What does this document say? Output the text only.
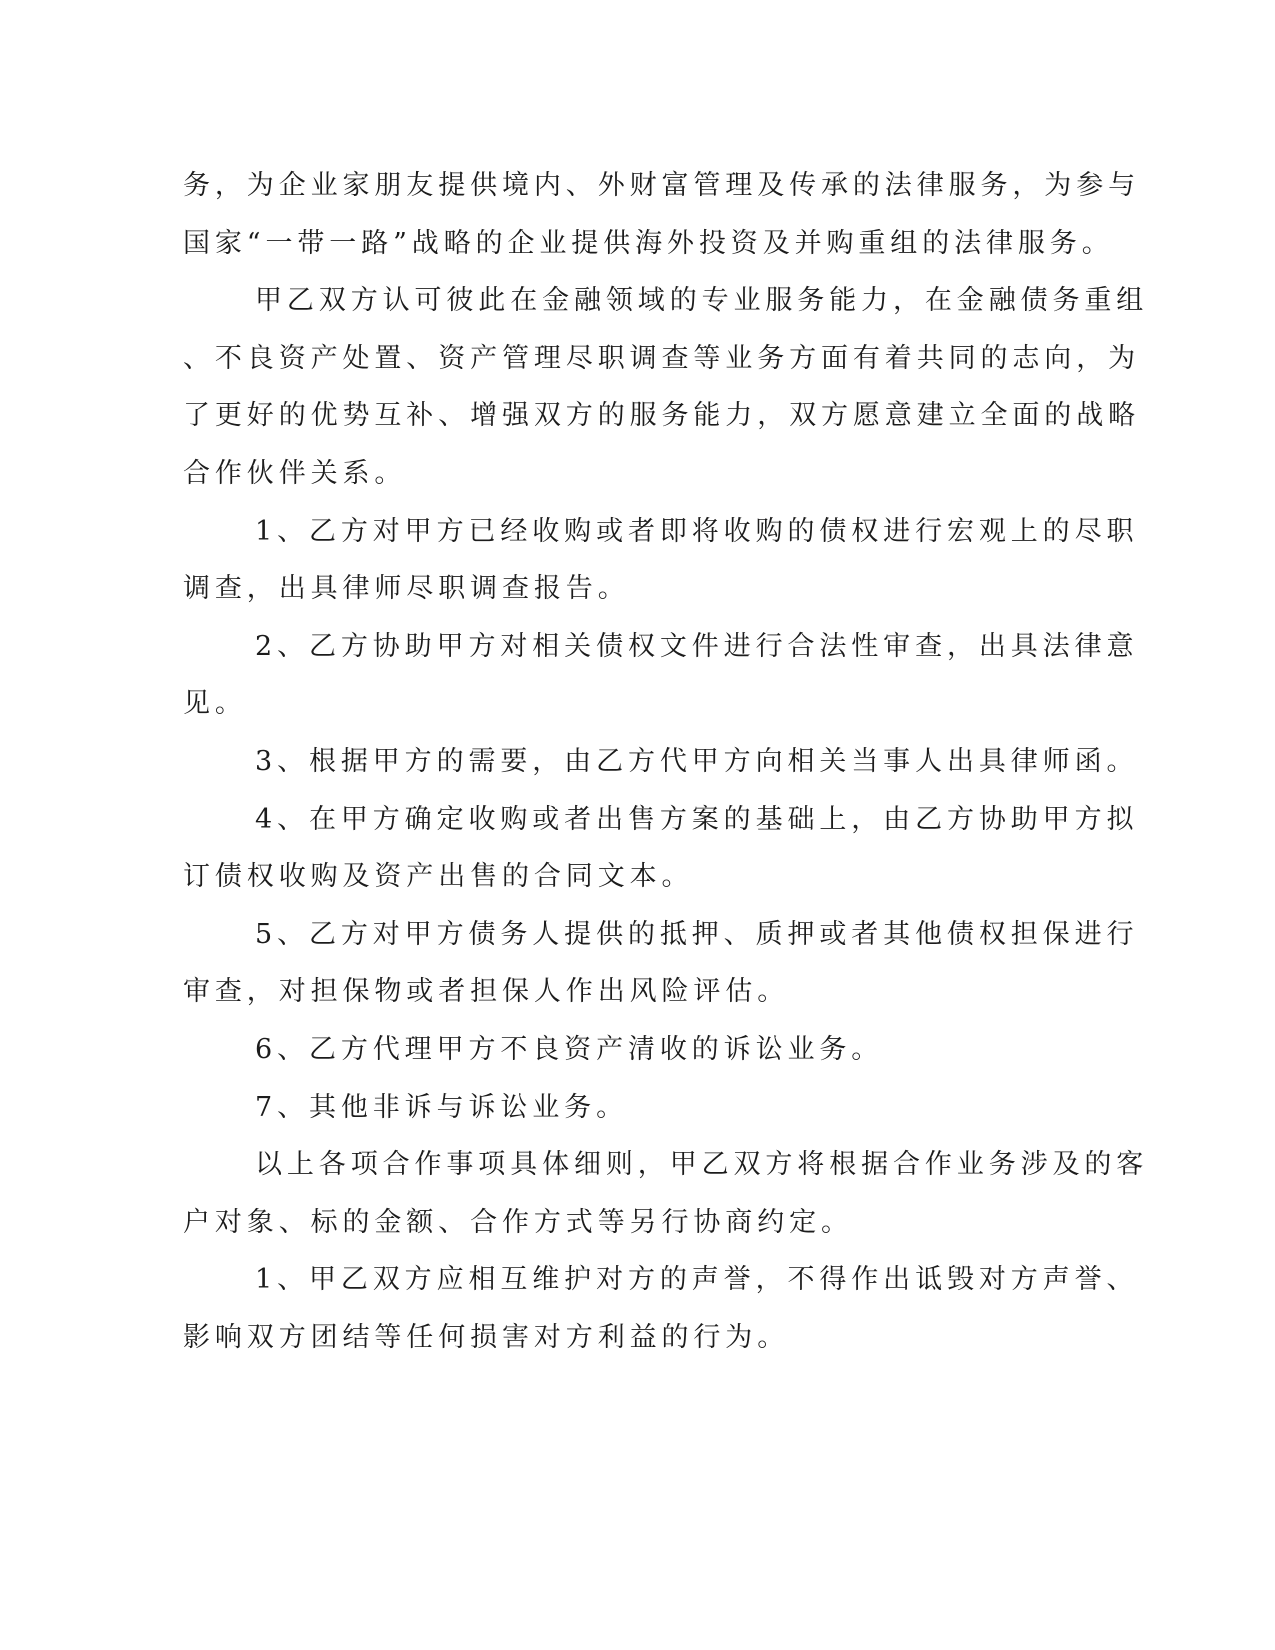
务，为企业家朋友提供境内、外财富管理及传承的法律服务，为参与
国家“一带一路”战略的企业提供海外投资及并购重组的法律服务。

甲乙双方认可彼此在金融领域的专业服务能力，在金融债务重组
、不良资产处置、资产管理尽职调查等业务方面有着共同的志向，为
了更好的优势互补、增强双方的服务能力，双方愿意建立全面的战略
合作伙伴关系。

1、乙方对甲方已经收购或者即将收购的债权进行宏观上的尽职
调查，出具律师尽职调查报告。

2、乙方协助甲方对相关债权文件进行合法性审查，出具法律意
见。

3、根据甲方的需要，由乙方代甲方向相关当事人出具律师函。

4、在甲方确定收购或者出售方案的基础上，由乙方协助甲方拟
订债权收购及资产出售的合同文本。

5、乙方对甲方债务人提供的抵押、质押或者其他债权担保进行
审查，对担保物或者担保人作出风险评估。

6、乙方代理甲方不良资产清收的诉讼业务。

7、其他非诉与诉讼业务。

以上各项合作事项具体细则，甲乙双方将根据合作业务涉及的客
户对象、标的金额、合作方式等另行协商约定。

1、甲乙双方应相互维护对方的声誉，不得作出诋毁对方声誉、
影响双方团结等任何损害对方利益的行为。
